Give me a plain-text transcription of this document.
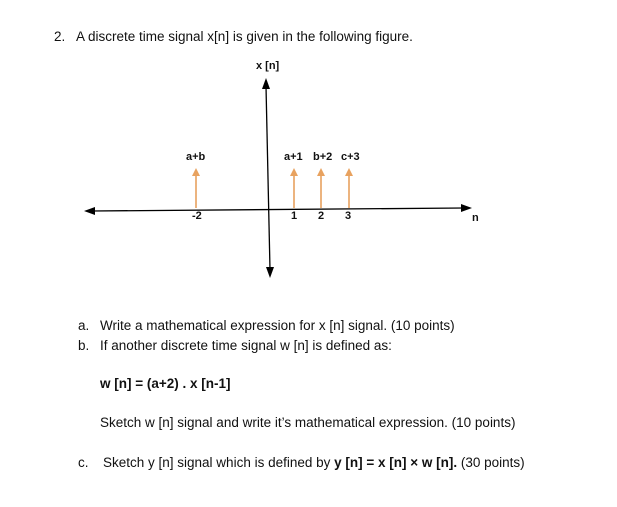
2. A discrete time signal x[n] is given in the following figure.
x [n]
n
a+b	a+1 b+2 c+3
-2	1 2 3
a. Write a mathematical expression for x [n] signal. (10 points)
b. If another discrete time signal w [n] is defined as:
w [n] = (a+2) . x [n-1]
Sketch w [n] signal and write it’s mathematical expression. (10 points)
c. Sketch y [n] signal which is defined by y [n] = x [n] × w [n]. (30 points)
